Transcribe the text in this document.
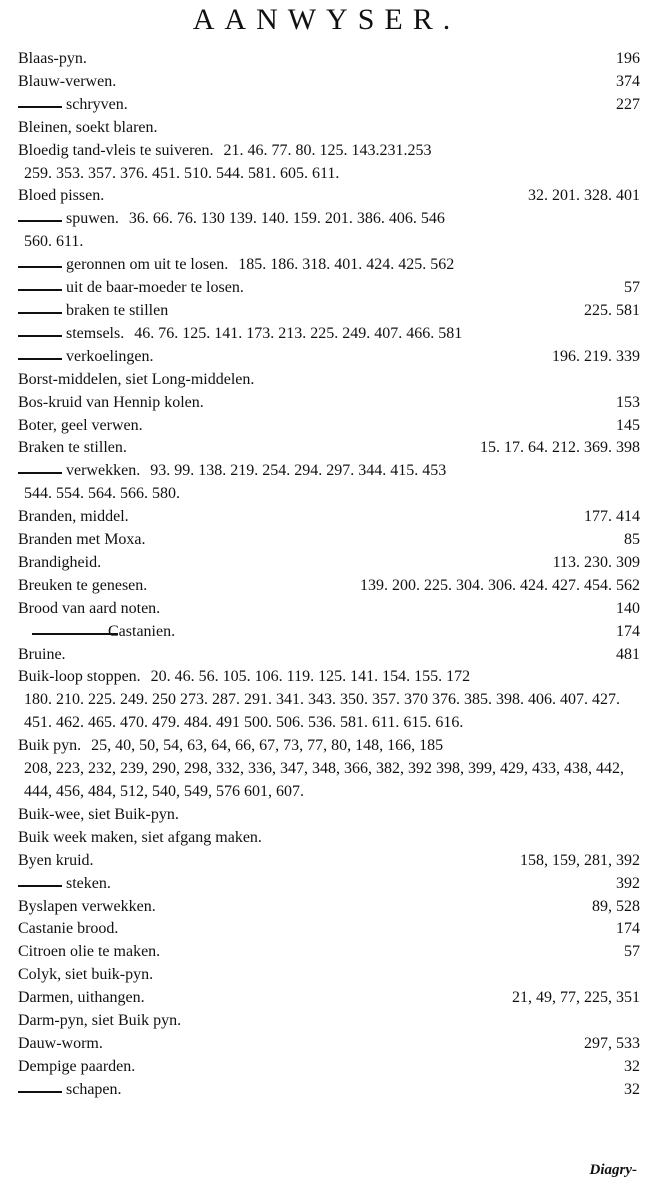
AANWYSER.
Blaas-pyn.	196
Blauw-verwen.	374
schryven.	227
Bleinen, soekt blaren.
Bloedig tand-vleis te suiveren. 21. 46. 77. 80. 125. 143.231.253
259. 353. 357. 376. 451. 510. 544. 581. 605. 611.
Bloed pissen.	32. 201. 328. 401
spuwen. 36. 66. 76. 130 139. 140. 159. 201. 386. 406. 546
560. 611.
geronnen om uit te losen. 185. 186. 318. 401. 424. 425. 562
uit de baar-moeder te losen.	57
braken te stillen	225. 581
stemsels. 46. 76. 125. 141. 173. 213. 225. 249. 407. 466. 581
verkoelingen.	196. 219. 339
Borst-middelen, siet Long-middelen.
Bos-kruid van Hennip kolen.	153
Boter, geel verwen.	145
Braken te stillen.	15. 17. 64. 212. 369. 398
verwekken. 93. 99. 138. 219. 254. 294. 297. 344. 415. 453
544. 554. 564. 566. 580.
Branden, middel.	177. 414
Branden met Moxa.	85
Brandigheid.	113. 230. 309
Breuken te genesen.	139. 200. 225. 304. 306. 424. 427. 454. 562
Brood van aard noten.	140
Castanien.	174
Bruine.	481
Buik-loop stoppen. 20. 46. 56. 105. 106. 119. 125. 141. 154. 155. 172
180. 210. 225. 249. 250 273. 287. 291. 341. 343. 350. 357. 370 376. 385. 398. 406. 407. 427. 451. 462. 465. 470. 479. 484. 491 500. 506. 536. 581. 611. 615. 616.
Buik pyn. 25, 40, 50, 54, 63, 64, 66, 67, 73, 77, 80, 148, 166, 185
208, 223, 232, 239, 290, 298, 332, 336, 347, 348, 366, 382, 392 398, 399, 429, 433, 438, 442, 444, 456, 484, 512, 540, 549, 576 601, 607.
Buik-wee, siet Buik-pyn.
Buik week maken, siet afgang maken.
Byen kruid.	158, 159, 281, 392
steken.	392
Byslapen verwekken.	89, 528
Castanie brood.	174
Citroen olie te maken.	57
Colyk, siet buik-pyn.
Darmen, uithangen.	21, 49, 77, 225, 351
Darm-pyn, siet Buik pyn.
Dauw-worm.	297, 533
Dempige paarden.	32
schapen.	32
Diagry-
